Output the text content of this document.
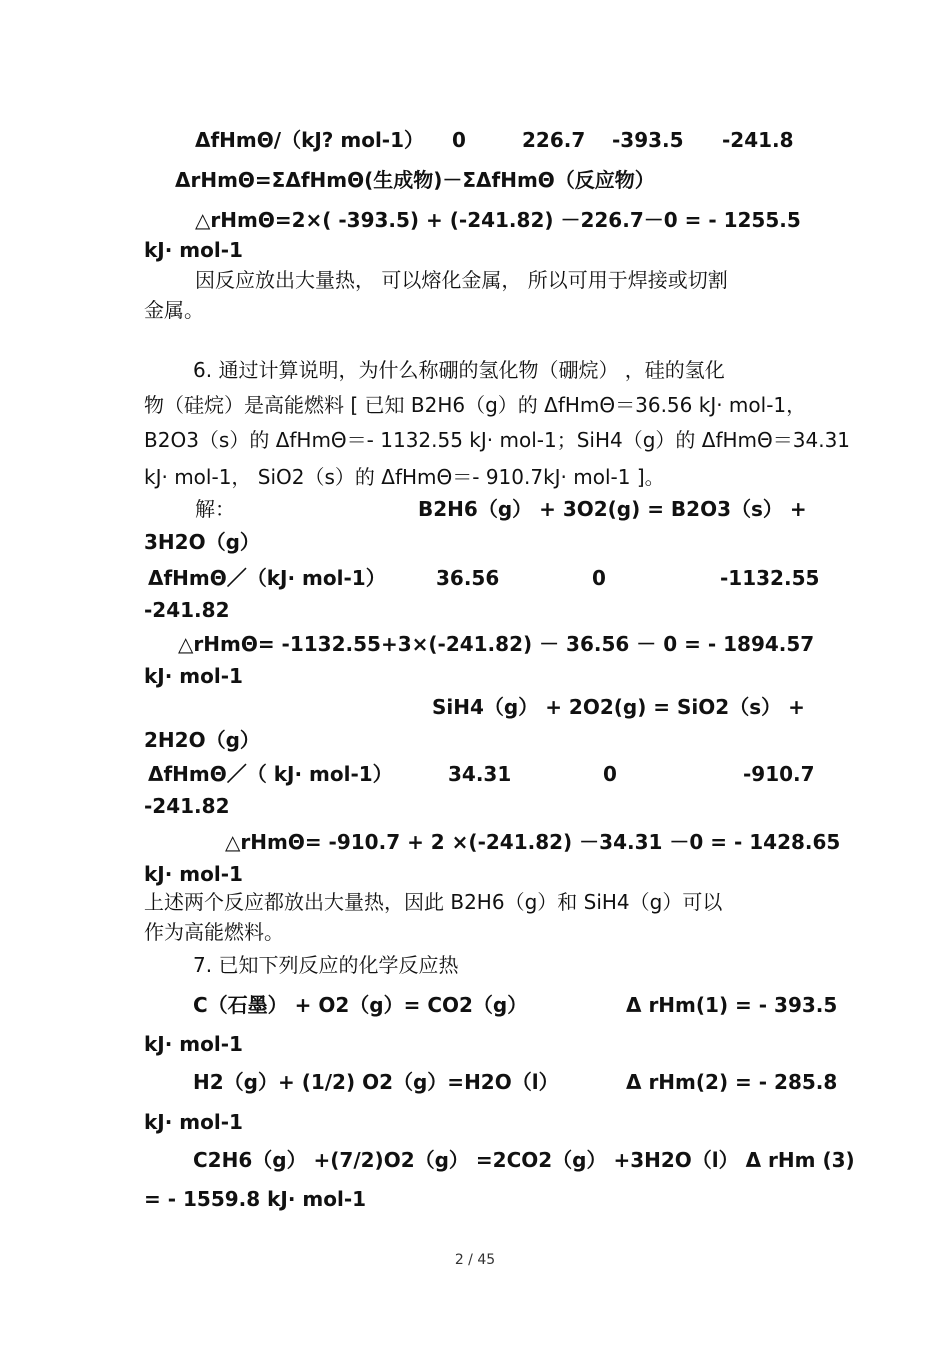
ΔfHmΘ/（kJ? mol-1） 0	226.7 -393.5 -241.8
ΔrHmΘ=ΣΔfHmΘ(生成物)－ΣΔfHmΘ（反应物）
△rHmΘ=2×( -393.5) + (-241.82) －226.7－0 = - 1255.5
kJ· mol-1
因反应放出大量热， 可以熔化金属， 所以可用于焊接或切割
金属。
6. 通过计算说明，为什么称硼的氢化物（硼烷） ，硅的氢化
物（硅烷）是高能燃料 [ 已知 B2H6（g）的 ΔfHmΘ＝36.56 kJ· mol-1，
B2O3（s）的 ΔfHmΘ＝- 1132.55 kJ· mol-1；SiH4（g）的 ΔfHmΘ＝34.31
kJ· mol-1， SiO2（s）的 ΔfHmΘ＝- 910.7kJ· mol-1 ]。
解：	B2H6（g） + 3O2(g) = B2O3（s） +
3H2O（g）
ΔfHmΘ／（kJ· mol-1）	36.56	0	-1132.55
-241.82
△rHmΘ= -1132.55+3×(-241.82) － 36.56 － 0 = - 1894.57
kJ· mol-1
SiH4（g） + 2O2(g) = SiO2（s） +
2H2O（g）
ΔfHmΘ／（ kJ· mol-1）	34.31	0	-910.7
-241.82
△rHmΘ= -910.7 + 2 ×(-241.82) －34.31 －0 = - 1428.65
kJ· mol-1
上述两个反应都放出大量热，因此 B2H6（g）和 SiH4（g）可以
作为高能燃料。
7. 已知下列反应的化学反应热
C（石墨） + O2（g）= CO2（g）	Δ rHm(1) = - 393.5
kJ· mol-1
H2（g）+ (1/2) O2（g）=H2O（l）	Δ rHm(2) = - 285.8
kJ· mol-1
C2H6（g） +(7/2)O2（g） =2CO2（g） +3H2O（l） Δ rHm (3)
= - 1559.8 kJ· mol-1
2 / 45
